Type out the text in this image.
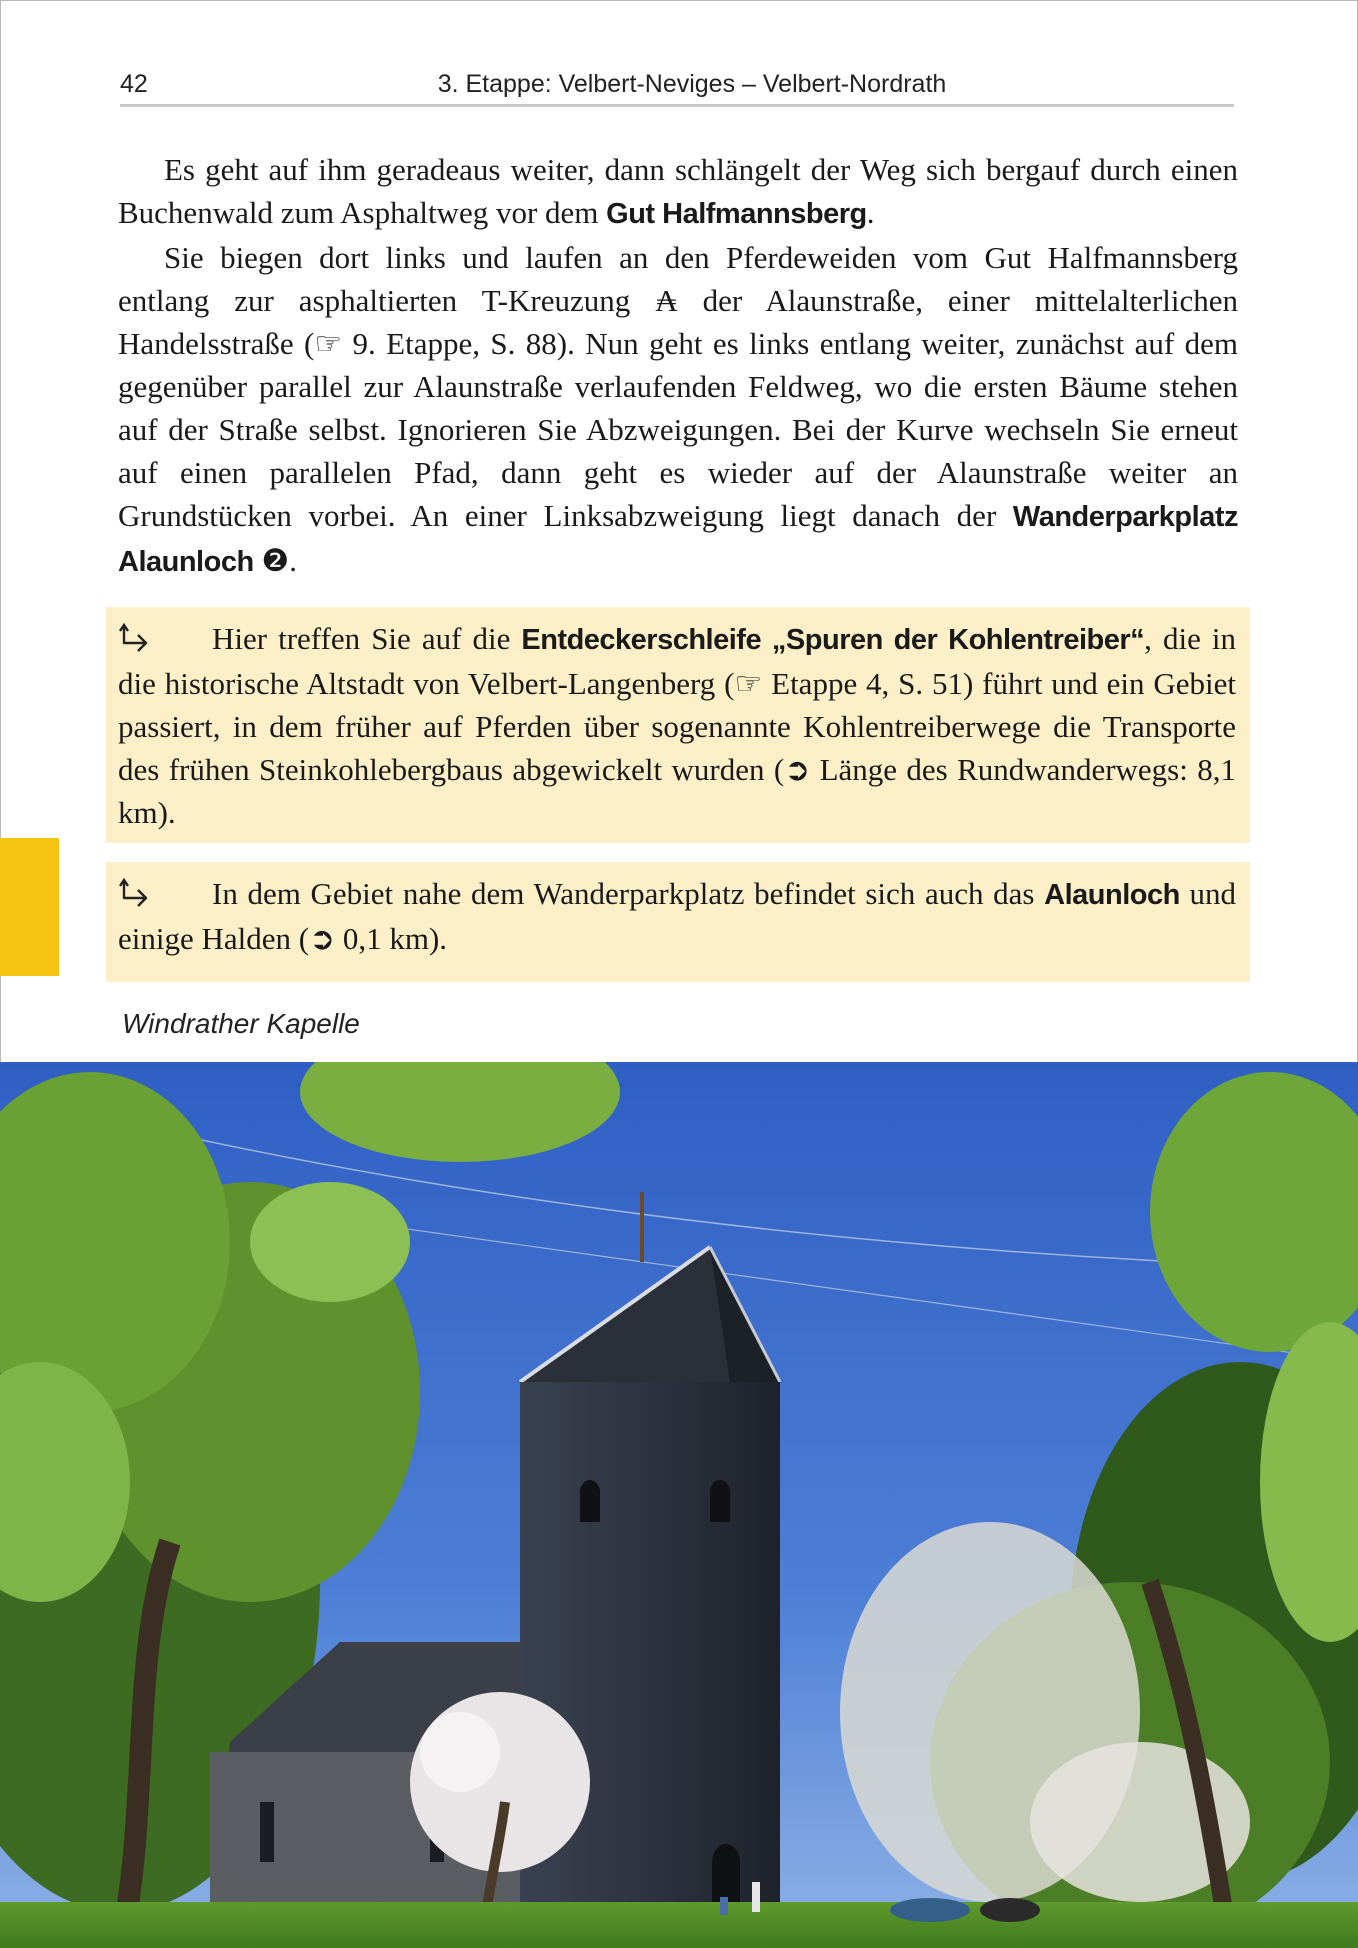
42	3. Etappe: Velbert-Neviges – Velbert-Nordrath

Es geht auf ihm geradeaus weiter, dann schlängelt der Weg sich bergauf durch einen Buchenwald zum Asphaltweg vor dem Gut Halfmannsberg.

Sie biegen dort links und laufen an den Pferdeweiden vom Gut Halfmannsberg entlang zur asphaltierten T-Kreuzung ₳ der Alaunstraße, einer mittelalterlichen Handelsstraße (☞ 9. Etappe, S. 88). Nun geht es links entlang weiter, zunächst auf dem gegenüber parallel zur Alaunstraße verlaufenden Feldweg, wo die ersten Bäume stehen auf der Straße selbst. Ignorieren Sie Abzweigungen. Bei der Kurve wechseln Sie erneut auf einen parallelen Pfad, dann geht es wieder auf der Alaunstraße weiter an Grundstücken vorbei. An einer Linksabzweigung liegt danach der Wanderparkplatz Alaunloch ❷.

Hier treffen Sie auf die Entdeckerschleife „Spuren der Kohlentreiber“, die in die historische Altstadt von Velbert-Langenberg (☞ Etappe 4, S. 51) führt und ein Gebiet passiert, in dem früher auf Pferden über sogenannte Kohlentreiberwege die Transporte des frühen Steinkohlebergbaus abgewickelt wurden (➲ Länge des Rundwanderwegs: 8,1 km).

In dem Gebiet nahe dem Wanderparkplatz befindet sich auch das Alaunloch und einige Halden (➲ 0,1 km).

Windrather Kapelle
